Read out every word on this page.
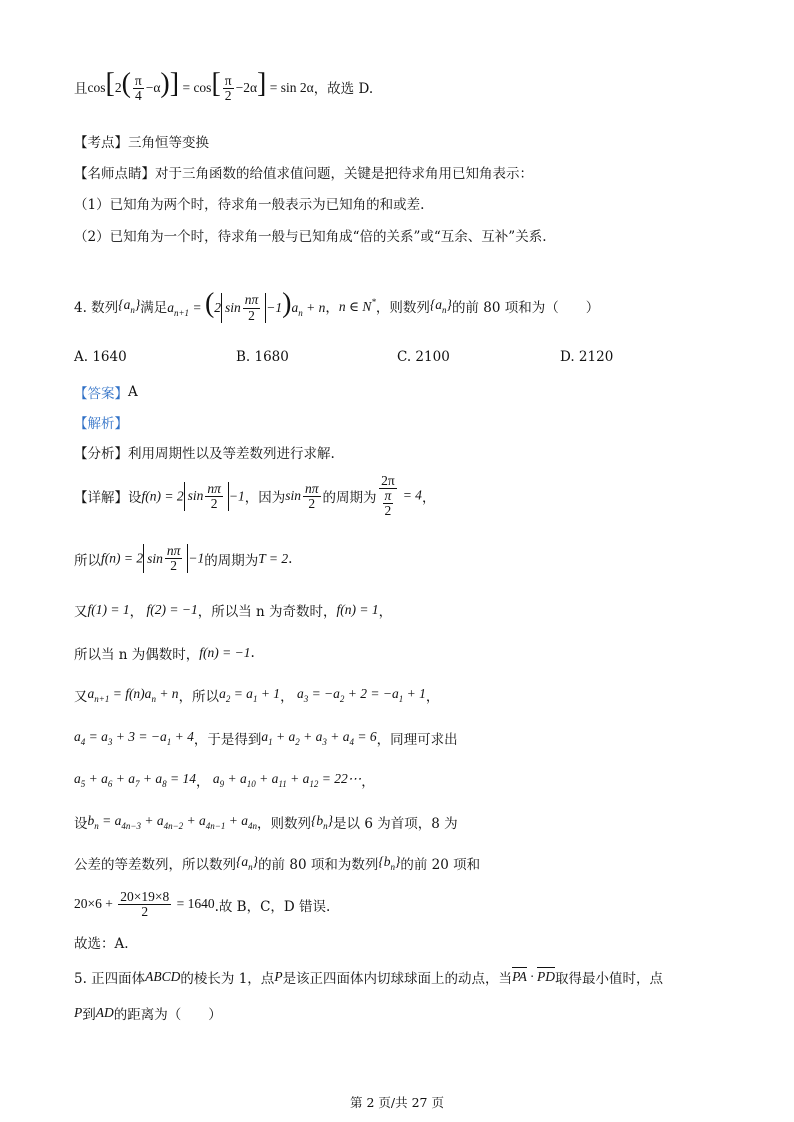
且 $\cos[2( \frac{\pi}{4} -\alpha)] = \cos[ \frac{\pi}{2} -2\alpha] = \sin 2\alpha$ ，故选 D.
【考点】三角恒等变换
【名师点睛】对于三角函数的给值求值问题，关键是把待求角用已知角表示：
（1）已知角为两个时，待求角一般表示为已知角的和或差.
（2）已知角为一个时，待求角一般与已知角成“倍的关系”或“互余、互补”关系.
4. 数列 $\{a_n\}$ 满足 $a_{n+1} = (2$ $\sin \frac{n\pi}{2} -1)a_n + n$ ， n ∈ N* ，则数列 $\{a_n\}$ 的前 80 项和为（　　）
A. 1640	B. 1680	C. 2100	D. 2120
【答案】 A
【解析】
【分析】利用周期性以及等差数列进行求解.
【详解】设 f(n) = 2 $\sin \frac{n\pi}{2} -1$ ，因为 $\sin \frac{n\pi}{2}$ 的周期为 $\frac{2\pi}{\frac{\pi}{2}} = 4$ ，
所以 f(n) = 2 $\sin \frac{n\pi}{2} -1$ 的周期为 T = 2 .
又 f(1) = 1 ， f(2) = −1 ，所以当 n 为奇数时， f(n) = 1 ，
所以当 n 为偶数时， f(n) = −1 .
又 $a_{n+1} = f(n)a_n + n$ ，所以 $a_2 = a_1 + 1$ ， $a_3 = -a_2 + 2 = -a_1 + 1$ ，
$a_4 = a_3 + 3 = -a_1 + 4$ ， 于是得到 $a_1 + a_2 + a_3 + a_4 = 6$ ，同理可求出
$a_5 + a_6 + a_7 + a_8 = 14$ ， $a_9 + a_{10} + a_{11} + a_{12}$ = 22⋯ ，
设 $b_n = a_{4n-3} + a_{4n-2} + a_{4n-1} + a_{4n}$ ，则数列 $\{b_n\}$ 是以 6 为首项，8 为
公差的等差数列，所以数列 $\{a_n\}$ 的前 80 项和为数列 $\{b_n\}$ 的前 20 项和
$20\times 6 + \frac{20\times 19\times 8}{2} = 1640$ .故 B，C，D 错误.
故选：A.
5. 正四面体 ABCD 的棱长为 1，点 P 是该正四面体内切球球面上的动点，当 PA · PD 取得最小值时，点
P 到 AD 的距离为（　　）
第 2 页/共 27 页
